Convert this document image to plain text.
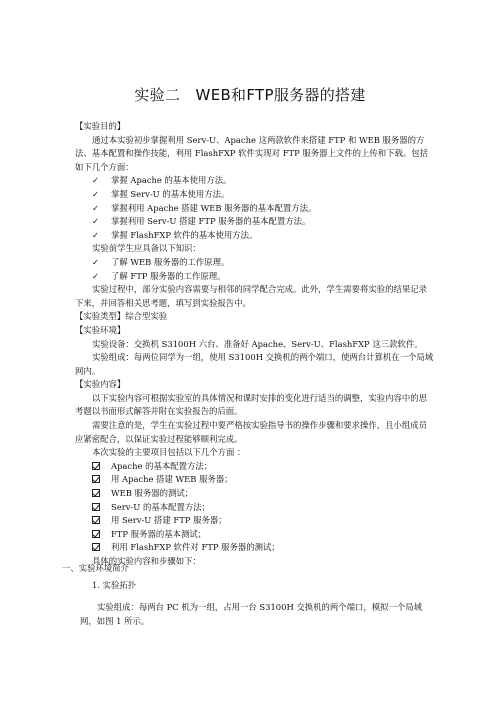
实验二　WEB和FTP服务器的搭建

【实验目的】

通过本实验初步掌握利用 Serv-U、Apache 这两款软件来搭建 FTP 和 WEB 服务器的方法、基本配置和操作技能，利用 FlashFXP 软件实现对 FTP 服务器上文件的上传和下载。包括如下几个方面：

✓ 掌握 Apache 的基本使用方法。

✓ 掌握 Serv-U 的基本使用方法。

✓ 掌握利用 Apache 搭建 WEB 服务器的基本配置方法。

✓ 掌握利用 Serv-U 搭建 FTP 服务器的基本配置方法。

✓ 掌握 FlashFXP 软件的基本使用方法。

实验前学生应具备以下知识：

✓ 了解 WEB 服务器的工作原理。

✓ 了解 FTP 服务器的工作原理。

实验过程中，部分实验内容需要与相邻的同学配合完成。此外，学生需要将实验的结果记录下来，并回答相关思考题，填写到实验报告中。

【实验类型】综合型实验

【实验环境】

实验设备：交换机 S3100H 六台、准备好 Apache、Serv-U、FlashFXP 这三款软件。

实验组成：每两位同学为一组，使用 S3100H 交换机的两个端口，使两台计算机在一个局域网内。

【实验内容】

以下实验内容可根据实验室的具体情况和课时安排的变化进行适当的调整，实验内容中的思考题以书面形式解答并附在实验报告的后面。

需要注意的是，学生在实验过程中要严格按实验指导书的操作步骤和要求操作，且小组成员应紧密配合，以保证实验过程能够顺利完成。

本次实验的主要项目包括以下几个方面 ：

Apache 的基本配置方法；

用 Apache 搭建 WEB 服务器；

WEB 服务器的测试；

Serv-U 的基本配置方法；

用 Serv-U 搭建 FTP 服务器；

FTP 服务器的基本测试；

利用 FlashFXP 软件对 FTP 服务器的测试；

具体的实验内容和步骤如下：

一、实验环境简介
1. 实验拓扑

实验组成：每两台 PC 机为一组，占用一台 S3100H 交换机的两个端口，模拟一个局域网，如图 1 所示。
